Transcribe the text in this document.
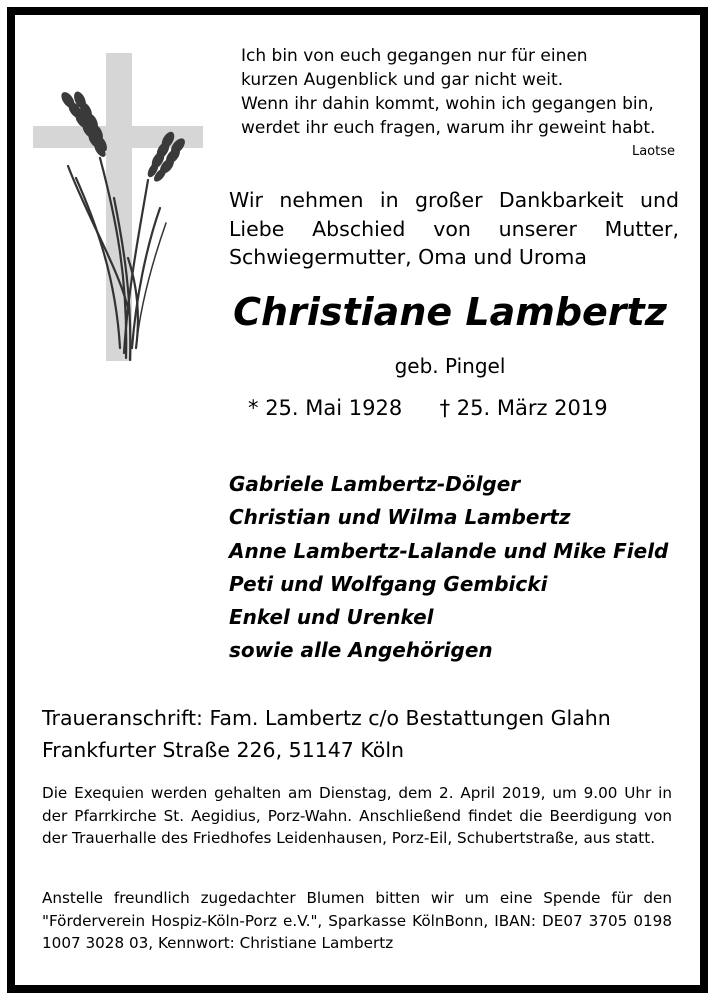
Ich bin von euch gegangen nur für einen
kurzen Augenblick und gar nicht weit.
Wenn ihr dahin kommt, wohin ich gegangen bin,
werdet ihr euch fragen, warum ihr geweint habt.
Laotse
Wir nehmen in großer Dankbarkeit und Liebe Abschied von unserer Mutter, Schwiegermutter, Oma und Uroma
Christiane Lambertz
geb. Pingel
* 25. Mai 1928 † 25. März 2019
Gabriele Lambertz-Dölger
Christian und Wilma Lambertz
Anne Lambertz-Lalande und Mike Field
Peti und Wolfgang Gembicki
Enkel und Urenkel
sowie alle Angehörigen
Traueranschrift: Fam. Lambertz c/o Bestattungen Glahn
Frankfurter Straße 226, 51147 Köln
Die Exequien werden gehalten am Dienstag, dem 2. April 2019, um 9.00 Uhr in der Pfarrkirche St. Aegidius, Porz-Wahn. Anschließend findet die Beerdigung von der Trauerhalle des Friedhofes Leidenhausen, Porz-Eil, Schubertstraße, aus statt.
Anstelle freundlich zugedachter Blumen bitten wir um eine Spende für den "Förderverein Hospiz-Köln-Porz e.V.", Sparkasse KölnBonn, IBAN: DE07 3705 0198 1007 3028 03, Kennwort: Christiane Lambertz
